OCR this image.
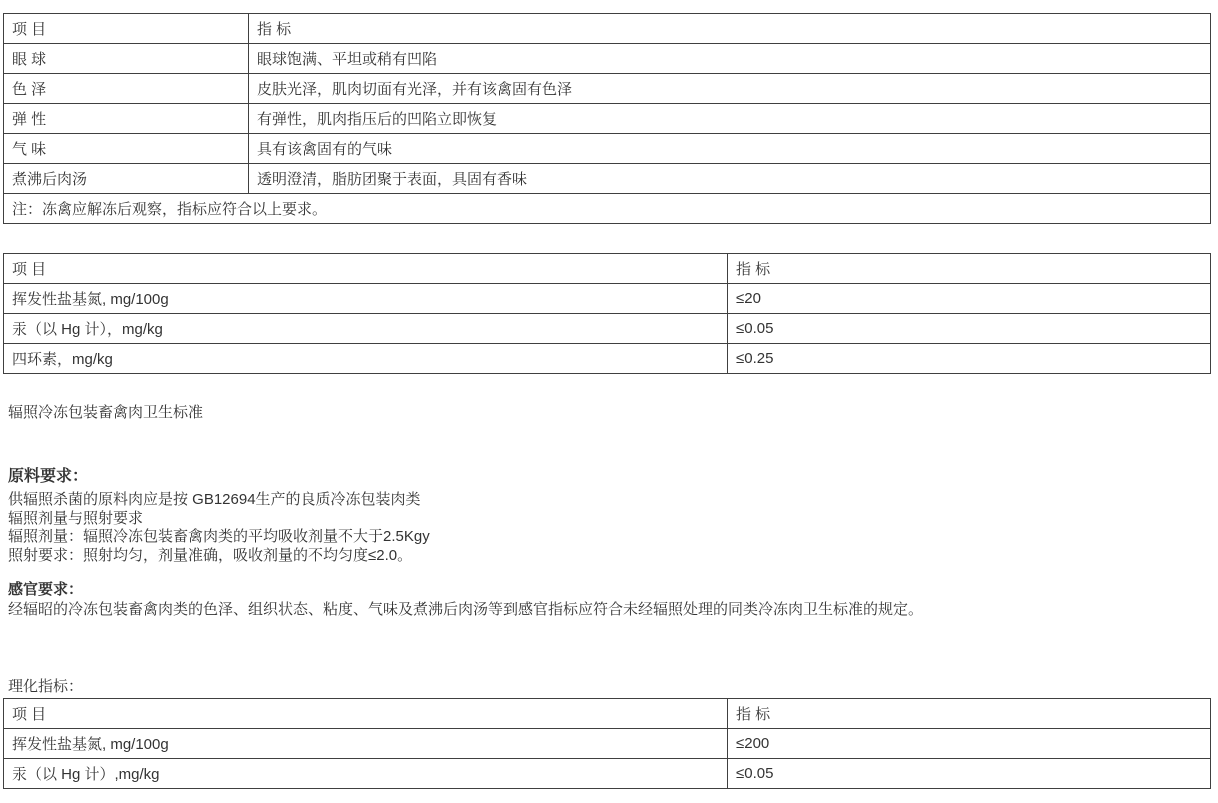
项 目	指 标
眼 球	眼球饱满、平坦或稍有凹陷
色 泽	皮肤光泽，肌肉切面有光泽，并有该禽固有色泽
弹 性	有弹性，肌肉指压后的凹陷立即恢复
气 味	具有该禽固有的气味
煮沸后肉汤	透明澄清，脂肪团聚于表面，具固有香味
注：冻禽应解冻后观察，指标应符合以上要求。	
项 目	指 标
挥发性盐基氮, mg/100g	≤20
汞（以 Hg 计），mg/kg	≤0.05
四环素，mg/kg	≤0.25
辐照冷冻包装畜禽肉卫生标准
原料要求：
供辐照杀菌的原料肉应是按 GB12694生产的良质冷冻包装肉类
辐照剂量与照射要求
辐照剂量：辐照冷冻包装畜禽肉类的平均吸收剂量不大于2.5Kgy
照射要求：照射均匀，剂量准确，吸收剂量的不均匀度≤2.0。
感官要求：
经辐昭的冷冻包装畜禽肉类的色泽、组织状态、粘度、气味及煮沸后肉汤等到感官指标应符合未经辐照处理的同类冷冻肉卫生标准的规定。
理化指标：
项 目	指 标
挥发性盐基氮, mg/100g	≤200
汞（以 Hg 计）,mg/kg	≤0.05
